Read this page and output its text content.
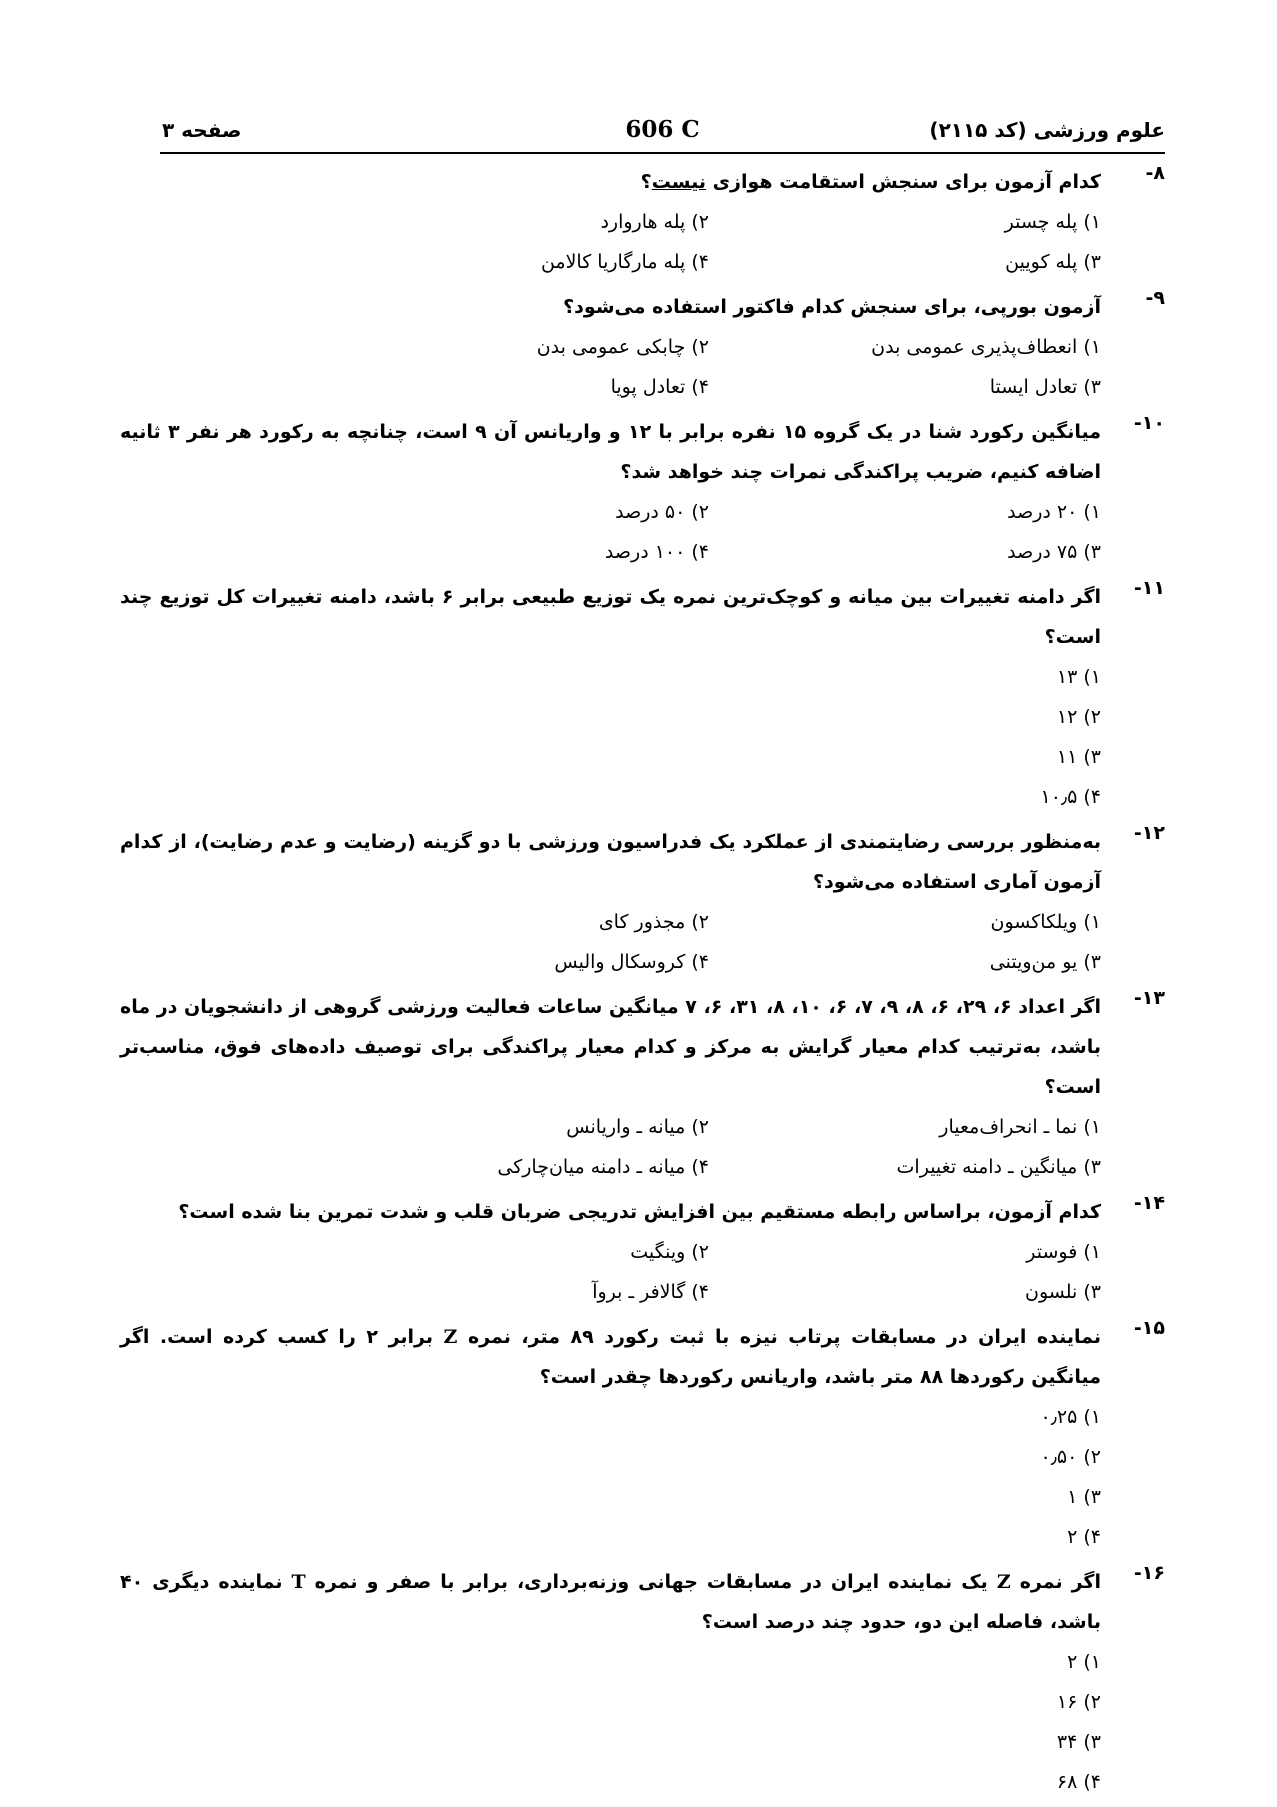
علوم ورزشی (کد ۲۱۱۵)
606 C
صفحه ۳
۸-
کدام آزمون برای سنجش استقامت هوازی نیست؟
۱) پله چستر
۲) پله هاروارد
۳) پله کویین
۴) پله مارگاریا کالامن
۹-
آزمون بورپی، برای سنجش کدام فاکتور استفاده می‌شود؟
۱) انعطاف‌پذیری عمومی بدن
۲) چابکی عمومی بدن
۳) تعادل ایستا
۴) تعادل پویا
۱۰-
میانگین رکورد شنا در یک گروه ۱۵ نفره برابر با ۱۲ و واریانس آن ۹ است، چنانچه به رکورد هر نفر ۳ ثانیه اضافه کنیم، ضریب پراکندگی نمرات چند خواهد شد؟
۱) ۲۰ درصد
۲) ۵۰ درصد
۳) ۷۵ درصد
۴) ۱۰۰ درصد
۱۱-
اگر دامنه تغییرات بین میانه و کوچک‌ترین نمره یک توزیع طبیعی برابر ۶ باشد، دامنه تغییرات کل توزیع چند است؟
۱) ۱۳
۲) ۱۲
۳) ۱۱
۴) ۱۰٫۵
۱۲-
به‌منظور بررسی رضایتمندی از عملکرد یک فدراسیون ورزشی با دو گزینه (رضایت و عدم رضایت)، از کدام آزمون آماری استفاده می‌شود؟
۱) ویلکاکسون
۲) مجذور کای
۳) یو من‌ویتنی
۴) کروسکال والیس
۱۳-
اگر اعداد ۶، ۲۹، ۶، ۸، ۹، ۷، ۶، ۱۰، ۸، ۳۱، ۶، ۷ میانگین ساعات فعالیت ورزشی گروهی از دانشجویان در ماه باشد، به‌ترتیب کدام معیار گرایش به مرکز و کدام معیار پراکندگی برای توصیف داده‌های فوق، مناسب‌تر است؟
۱) نما ـ انحراف‌معیار
۲) میانه ـ واریانس
۳) میانگین ـ دامنه تغییرات
۴) میانه ـ دامنه میان‌چارکی
۱۴-
کدام آزمون، براساس رابطه مستقیم بین افزایش تدریجی ضربان قلب و شدت تمرین بنا شده است؟
۱) فوستر
۲) وینگیت
۳) نلسون
۴) گالافر ـ بروآ
۱۵-
نماینده ایران در مسابقات پرتاب نیزه با ثبت رکورد ۸۹ متر، نمره Z برابر ۲ را کسب کرده است. اگر میانگین رکوردها ۸۸ متر باشد، واریانس رکوردها چقدر است؟
۱) ۰٫۲۵
۲) ۰٫۵۰
۳) ۱
۴) ۲
۱۶-
اگر نمره Z یک نماینده ایران در مسابقات جهانی وزنه‌برداری، برابر با صفر و نمره T نماینده دیگری ۴۰ باشد، فاصله این دو، حدود چند درصد است؟
۱) ۲
۲) ۱۶
۳) ۳۴
۴) ۶۸
